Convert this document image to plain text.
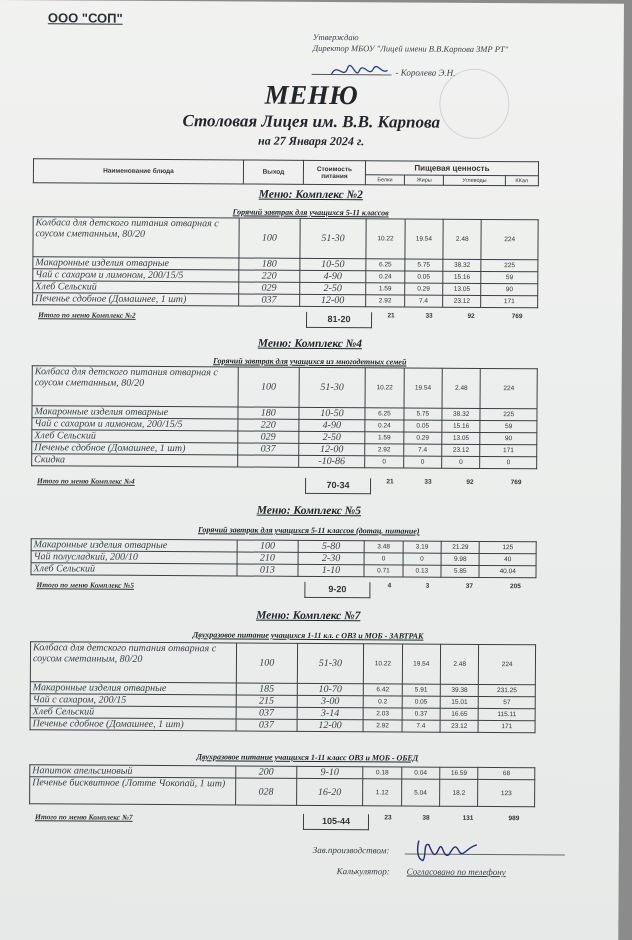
ООО "СОП"
Утверждаю
Директор МБОУ "Лицей имени В.В.Карпова ЗМР РТ"
- Королева Э.Н.
МЕНЮ
Столовая Лицея им. В.В. Карпова
на 27 Января 2024 г.
Наименование блюда	Выход	Стоимость питания	Пищевая ценность			
			Белки	Жиры	Углеводы	ККал
Меню: Комплекс №2
Горячий завтрак для учащихся 5-11 классов
Колбаса для детского питания отварная с соусом сметанным, 80/20	100	51-30	10.22	19.54	2.48	224
Макаронные изделия отварные	180	10-50	6.25	5.75	38.32	225
Чай с сахаром и лимоном, 200/15/5	220	4-90	0.24	0.05	15.16	59
Хлеб Сельский	029	2-50	1.59	0.29	13.05	90
Печенье сдобное (Домашнее, 1 шт)	037	12-00	2.92	7.4	23.12	171
Итого по меню Комплекс №2	81-20	21	33	92	769
Меню: Комплекс №4
Горячий завтрак для учащихся из многодетных семей
Колбаса для детского питания отварная с соусом сметанным, 80/20	100	51-30	10.22	19.54	2.48	224
Макаронные изделия отварные	180	10-50	6.25	5.75	38.32	225
Чай с сахаром и лимоном, 200/15/5	220	4-90	0.24	0.05	15.16	59
Хлеб Сельский	029	2-50	1.59	0.29	13.05	90
Печенье сдобное (Домашнее, 1 шт)	037	12-00	2.92	7.4	23.12	171
Скидка		-10-86	0	0	0	0
Итого по меню Комплекс №4	70-34	21	33	92	769
Меню: Комплекс №5
Горячий завтрак для учащихся 5-11 классов (дотац. питание)
Макаронные изделия отварные	100	5-80	3.48	3.19	21.29	125
Чай полусладкий, 200/10	210	2-30	0	0	9.98	40
Хлеб Сельский	013	1-10	0.71	0.13	5.85	40.04
Итого по меню Комплекс №5	9-20	4	3	37	205
Меню: Комплекс №7
Двухразовое питание учащихся 1-11 кл. с ОВЗ и МОБ - ЗАВТРАК
Колбаса для детского питания отварная с соусом сметанным, 80/20	100	51-30	10.22	19.54	2.48	224
Макаронные изделия отварные	185	10-70	6.42	5.91	39.38	231.25
Чай с сахаром, 200/15	215	3-00	0.2	0.05	15.01	57
Хлеб Сельский	037	3-14	2.03	0.37	16.65	115.11
Печенье сдобное (Домашнее, 1 шт)	037	12-00	2.92	7.4	23.12	171
Двухразовое питание учащихся 1-11 класс ОВЗ и МОБ - ОБЕД
Напиток апельсиновый	200	9-10	0.18	0.04	16.59	68
Печенье бисквитное (Лотте Чокопай, 1 шт)	028	16-20	1.12	5.04	18.2	123
Итого по меню Комплекс №7	105-44	23	38	131	989
Зав.производством:
Калькулятор: Согласовано по телефону
